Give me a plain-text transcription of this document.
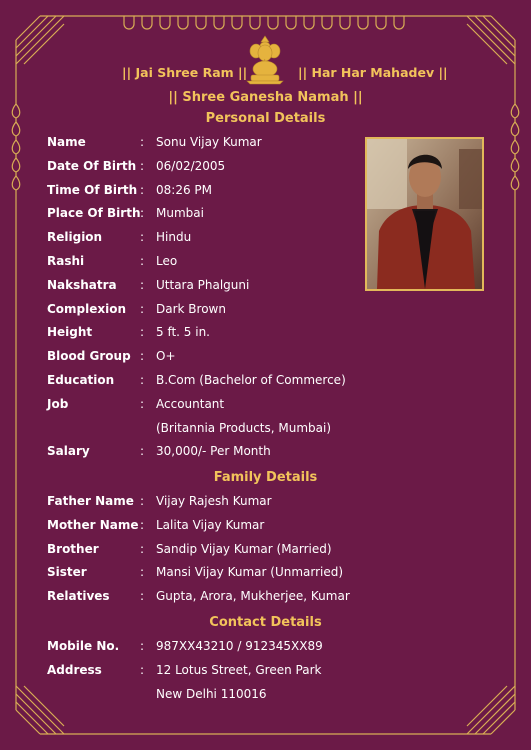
|| Jai Shree Ram ||	|| Har Har Mahadev ||
|| Shree Ganesha Namah ||
Personal Details
Name	: Sonu Vijay Kumar
Date Of Birth : 06/02/2005
Time Of Birth : 08:26 PM
Place Of Birth : Mumbai
Religion	: Hindu
Rashi	: Leo
Nakshatra : Uttara Phalguni
Complexion : Dark Brown
Height	: 5 ft. 5 in.
Blood Group : O+
Education : B.Com (Bachelor of Commerce)
Job	: Accountant
(Britannia Products, Mumbai)
Salary	: 30,000/- Per Month
Family Details
Father Name : Vijay Rajesh Kumar
Mother Name : Lalita Vijay Kumar
Brother	: Sandip Vijay Kumar (Married)
Sister	: Mansi Vijay Kumar (Unmarried)
Relatives	: Gupta, Arora, Mukherjee, Kumar
Contact Details
Mobile No. : 987XX43210 / 912345XX89
Address	: 12 Lotus Street, Green Park
New Delhi 110016
